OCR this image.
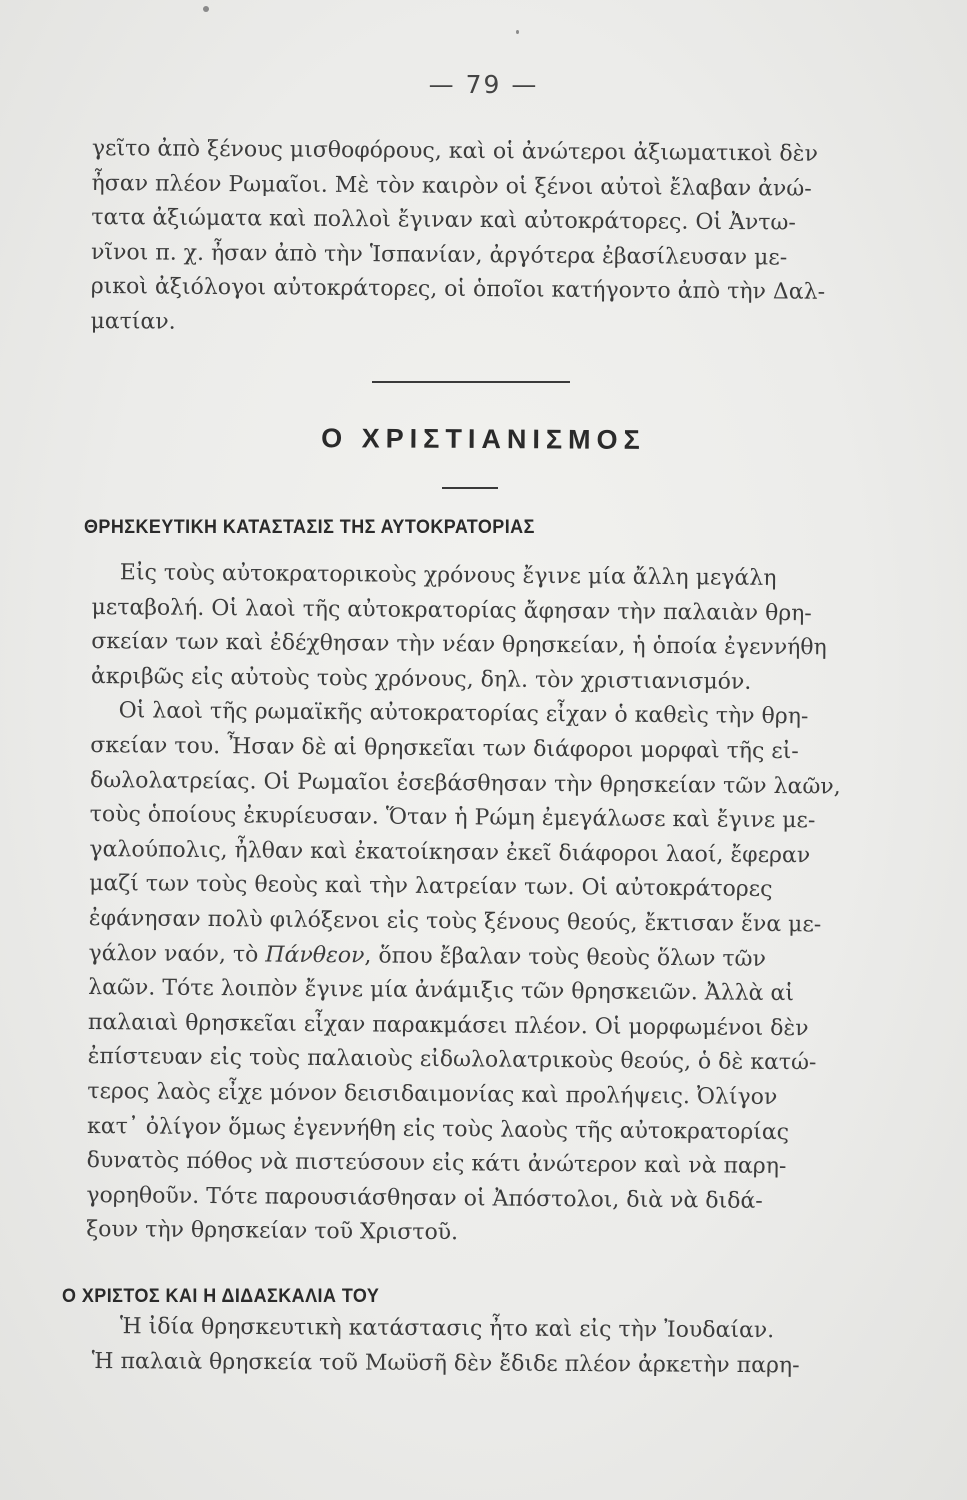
— 79 —
γεῖτο ἀπὸ ξένους μισθοφόρους, καὶ οἱ ἀνώτεροι ἀξιωματικοὶ δὲν
ἦσαν πλέον Ρωμαῖοι. Μὲ τὸν καιρὸν οἱ ξένοι αὐτοὶ ἔλαβαν ἀνώ-
τατα ἀξιώματα καὶ πολλοὶ ἔγιναν καὶ αὐτοκράτορες. Οἱ Ἀντω-
νῖνοι π. χ. ἦσαν ἀπὸ τὴν Ἱσπανίαν, ἀργότερα ἐβασίλευσαν με-
ρικοὶ ἀξιόλογοι αὐτοκράτορες, οἱ ὁποῖοι κατήγοντο ἀπὸ τὴν Δαλ-
ματίαν.
Ο ΧΡΙΣΤΙΑΝΙΣΜΟΣ
ΘΡΗΣΚΕΥΤΙΚΗ ΚΑΤΑΣΤΑΣΙΣ ΤΗΣ ΑΥΤΟΚΡΑΤΟΡΙΑΣ
Εἰς τοὺς αὐτοκρατορικοὺς χρόνους ἔγινε μία ἄλλη μεγάλη
μεταβολή. Οἱ λαοὶ τῆς αὐτοκρατορίας ἄφησαν τὴν παλαιὰν θρη-
σκείαν των καὶ ἐδέχθησαν τὴν νέαν θρησκείαν, ἡ ὁποία ἐγεννήθη
ἀκριβῶς εἰς αὐτοὺς τοὺς χρόνους, δηλ. τὸν χριστιανισμόν.
Οἱ λαοὶ τῆς ρωμαϊκῆς αὐτοκρατορίας εἶχαν ὁ καθεὶς τὴν θρη-
σκείαν του. Ἦσαν δὲ αἱ θρησκεῖαι των διάφοροι μορφαὶ τῆς εἰ-
δωλολατρείας. Οἱ Ρωμαῖοι ἐσεβάσθησαν τὴν θρησκείαν τῶν λαῶν,
τοὺς ὁποίους ἐκυρίευσαν. Ὅταν ἡ Ρώμη ἐμεγάλωσε καὶ ἔγινε με-
γαλούπολις, ἦλθαν καὶ ἐκατοίκησαν ἐκεῖ διάφοροι λαοί, ἔφεραν
μαζί των τοὺς θεοὺς καὶ τὴν λατρείαν των. Οἱ αὐτοκράτορες
ἐφάνησαν πολὺ φιλόξενοι εἰς τοὺς ξένους θεούς, ἔκτισαν ἕνα με-
γάλον ναόν, τὸ Πάνθεον, ὅπου ἔβαλαν τοὺς θεοὺς ὅλων τῶν
λαῶν. Τότε λοιπὸν ἔγινε μία ἀνάμιξις τῶν θρησκειῶν. Ἀλλὰ αἱ
παλαιαὶ θρησκεῖαι εἶχαν παρακμάσει πλέον. Οἱ μορφωμένοι δὲν
ἐπίστευαν εἰς τοὺς παλαιοὺς εἰδωλολατρικοὺς θεούς, ὁ δὲ κατώ-
τερος λαὸς εἶχε μόνον δεισιδαιμονίας καὶ προλήψεις. Ὀλίγον
κατ᾿ ὀλίγον ὅμως ἐγεννήθη εἰς τοὺς λαοὺς τῆς αὐτοκρατορίας
δυνατὸς πόθος νὰ πιστεύσουν εἰς κάτι ἀνώτερον καὶ νὰ παρη-
γορηθοῦν. Τότε παρουσιάσθησαν οἱ Ἀπόστολοι, διὰ νὰ διδά-
ξουν τὴν θρησκείαν τοῦ Χριστοῦ.
Ο ΧΡΙΣΤΟΣ ΚΑΙ Η ΔΙΔΑΣΚΑΛΙΑ ΤΟΥ
Ἡ ἰδία θρησκευτικὴ κατάστασις ἦτο καὶ εἰς τὴν Ἰουδαίαν.
Ἡ παλαιὰ θρησκεία τοῦ Μωϋσῆ δὲν ἔδιδε πλέον ἀρκετὴν παρη-
